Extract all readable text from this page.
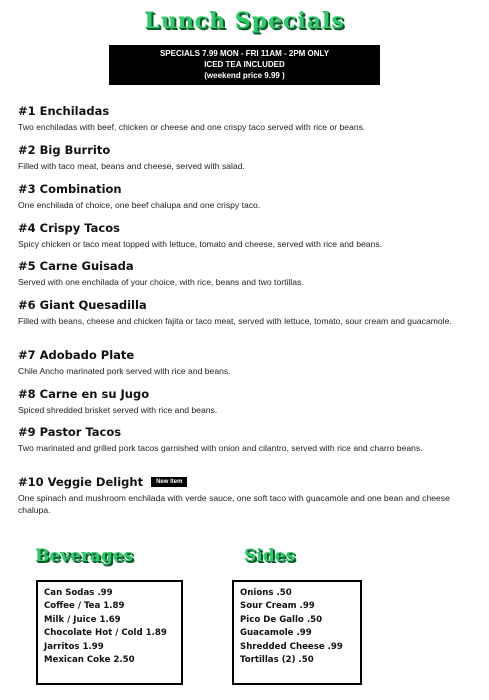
Lunch Specials
SPECIALS 7.99 MON - FRI 11AM - 2PM ONLY
ICED TEA INCLUDED
(weekend price 9.99 )
#1 Enchiladas
Two enchiladas with beef, chicken or cheese and one crispy taco served with rice or beans.
#2 Big Burrito
Filled with taco meat, beans and cheese, served with salad.
#3 Combination
One enchilada of choice, one beef chalupa and one crispy taco.
#4 Crispy Tacos
Spicy chicken or taco meat topped with lettuce, tomato and cheese, served with rice and beans.
#5 Carne Guisada
Served with one enchilada of your choice, with rice, beans and two tortillas.
#6 Giant Quesadilla
Filled with beans, cheese and chicken fajita or taco meat, served with lettuce, tomato, sour cream and guacamole.
#7 Adobado Plate
Chile Ancho marinated pork served with rice and beans.
#8 Carne en su Jugo
Spiced shredded brisket served with rice and beans.
#9 Pastor Tacos
Two marinated and grilled pork tacos garnished with onion and cilantro, served with rice and charro beans.
#10 Veggie Delight New Item
One spinach and mushroom enchilada with verde sauce, one soft taco with guacamole and one bean and cheese chalupa.
Beverages	Sides
Can Sodas .99
Coffee / Tea 1.89
Milk / Juice 1.69
Chocolate Hot / Cold 1.89
Jarritos 1.99
Mexican Coke 2.50
Onions .50
Sour Cream .99
Pico De Gallo .50
Guacamole .99
Shredded Cheese .99
Tortillas (2) .50
